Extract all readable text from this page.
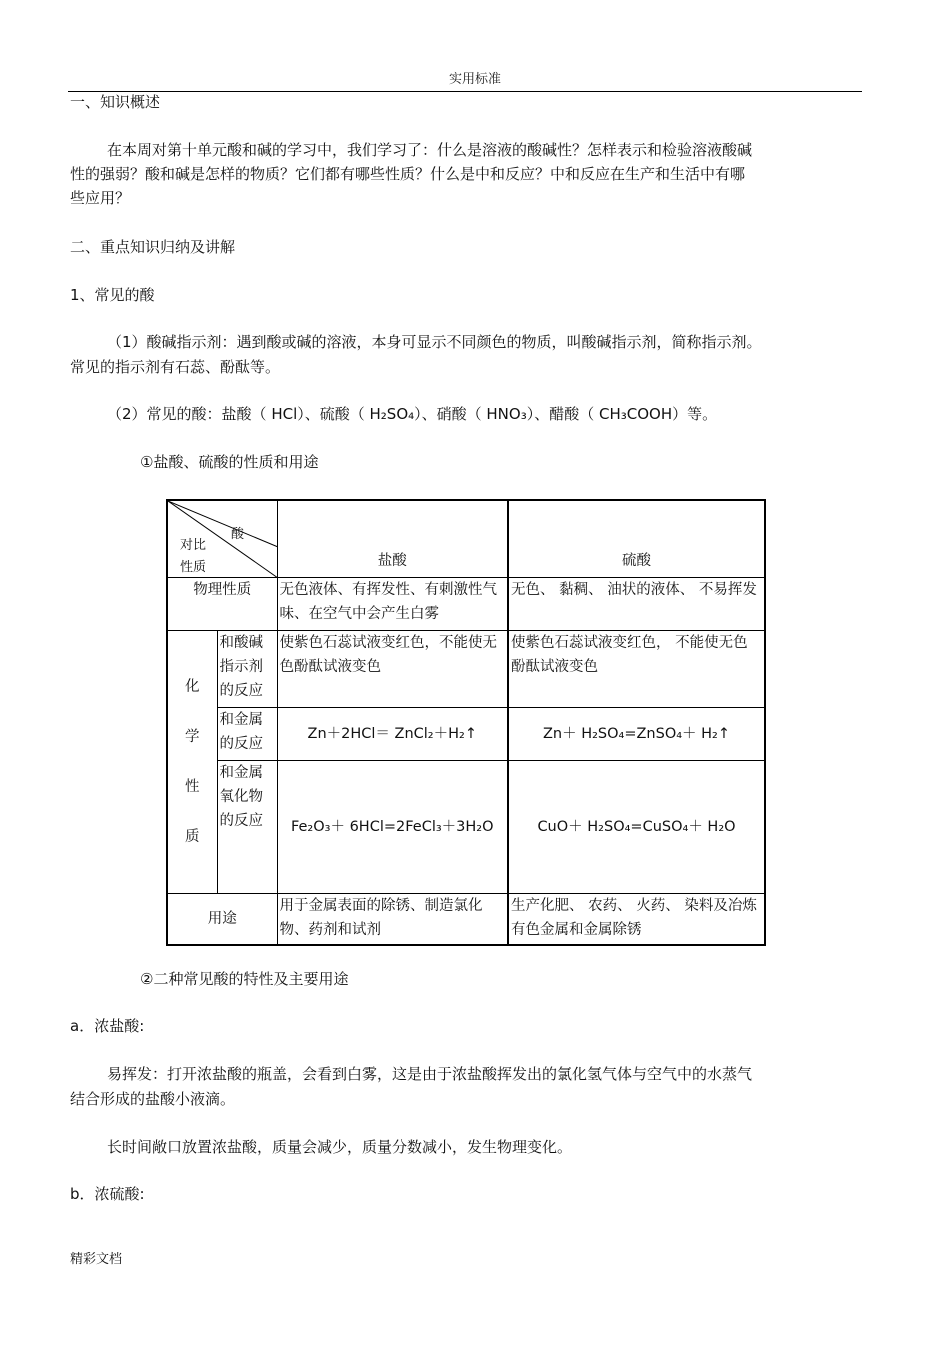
实用标准
一、知识概述
在本周对第十单元酸和碱的学习中，我们学习了：什么是溶液的酸碱性？怎样表示和检验溶液酸碱
性的强弱？酸和碱是怎样的物质？它们都有哪些性质？什么是中和反应？中和反应在生产和生活中有哪
些应用？
二、重点知识归纳及讲解
1、常见的酸
（1）酸碱指示剂：遇到酸或碱的溶液，本身可显示不同颜色的物质，叫酸碱指示剂，简称指示剂。
常见的指示剂有石蕊、酚酞等。
（2）常见的酸：盐酸（ HCl）、硫酸（ H₂SO₄）、硝酸（ HNO₃）、醋酸（ CH₃COOH）等。
①盐酸、硫酸的性质和用途
酸
对比
性质		盐酸	硫酸
物理性质		无色液体、有挥发性、有刺激性气味、在空气中会产生白雾	无色、 黏稠、 油状的液体、 不易挥发

化
学
性
质	和酸碱指示剂的反应	使紫色石蕊试液变红色，不能使无色酚酞试液变色	使紫色石蕊试液变红色， 不能使无色酚酞试液变色
	和金属的反应	Zn＋2HCl＝ ZnCl₂＋H₂↑	Zn＋ H₂SO₄=ZnSO₄＋ H₂↑
	和金属氧化物的反应	Fe₂O₃＋ 6HCl=2FeCl₃＋3H₂O	CuO＋ H₂SO₄=CuSO₄＋ H₂O
用途		用于金属表面的除锈、制造氯化物、药剂和试剂	生产化肥、 农药、 火药、 染料及冶炼有色金属和金属除锈
②二种常见酸的特性及主要用途
a．浓盐酸:
易挥发：打开浓盐酸的瓶盖，会看到白雾，这是由于浓盐酸挥发出的氯化氢气体与空气中的水蒸气
结合形成的盐酸小液滴。
长时间敞口放置浓盐酸，质量会减少，质量分数减小，发生物理变化。
b．浓硫酸:
精彩文档
